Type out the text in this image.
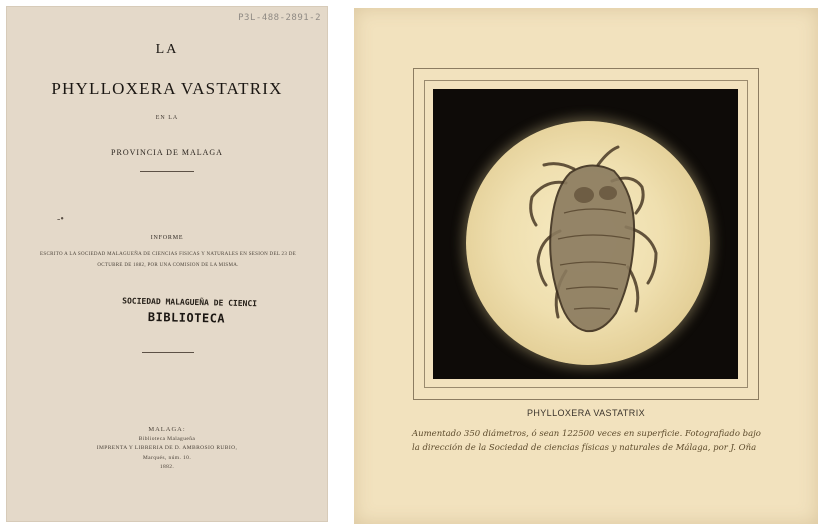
P3L-488-2891-2
LA
PHYLLOXERA VASTATRIX
EN LA
PROVINCIA DE MALAGA
-•
INFORME
ESCRITO A LA SOCIEDAD MALAGUEÑA DE CIENCIAS FISICAS Y NATURALES EN SESION DEL 23 DE OCTUBRE DE 1882, POR UNA COMISION DE LA MISMA.
SOCIEDAD MALAGUEÑA DE CIENCI
BIBLIOTECA
MALAGA:
Biblioteca Malagueña
IMPRENTA Y LIBRERIA DE D. AMBROSIO RUBIO,
Marqués, núm. 10.
1882.
PHYLLOXERA VASTATRIX
Aumentado 350 diámetros, ó sean 122500 veces en superficie. Fotografiado bajo la dirección de la Sociedad de ciencias físicas y naturales de Málaga, por J. Oña
